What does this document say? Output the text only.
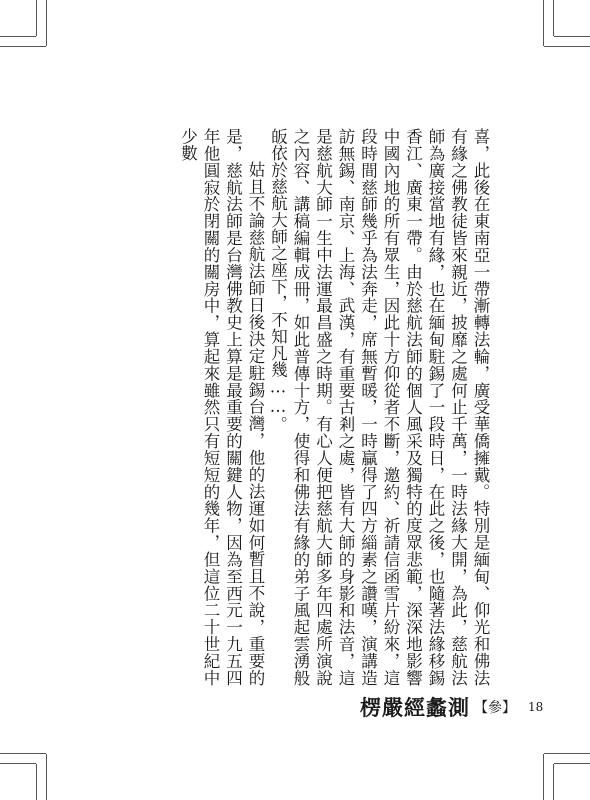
喜，此後在東南亞一帶漸轉法輪，廣受華僑擁戴。特別是緬甸、仰光和佛法有緣之佛教徒皆來親近，披靡之處何止千萬，一時法緣大開，為此，慈航法師為廣接當地有緣，也在緬甸駐錫了一段時日，在此之後，也隨著法緣移錫香江、廣東一帶。由於慈航法師的個人風采及獨特的度眾悲範，深深地影響中國內地的所有眾生，因此十方仰從者不斷，邀約、祈請信函雪片紛來，這段時間慈師幾乎為法奔走，席無暫暖，一時贏得了四方緇素之讚嘆，演講造訪無錫、南京、上海、武漢，有重要古剎之處，皆有大師的身影和法音，這是慈航大師一生中法運最昌盛之時期。有心人便把慈航大師多年四處所演說之內容、講稿編輯成冊，如此普傳十方，使得和佛法有緣的弟子風起雲湧般皈依於慈航大師之座下，不知凡幾……。

姑且不論慈航法師日後決定駐錫台灣，他的法運如何暫且不說，重要的是，慈航法師是台灣佛教史上算是最重要的關鍵人物，因為至西元一九五四年他圓寂於閉關的關房中，算起來雖然只有短短的幾年，但這位二十世紀中少數

楞嚴經蠡測 【參】 18
